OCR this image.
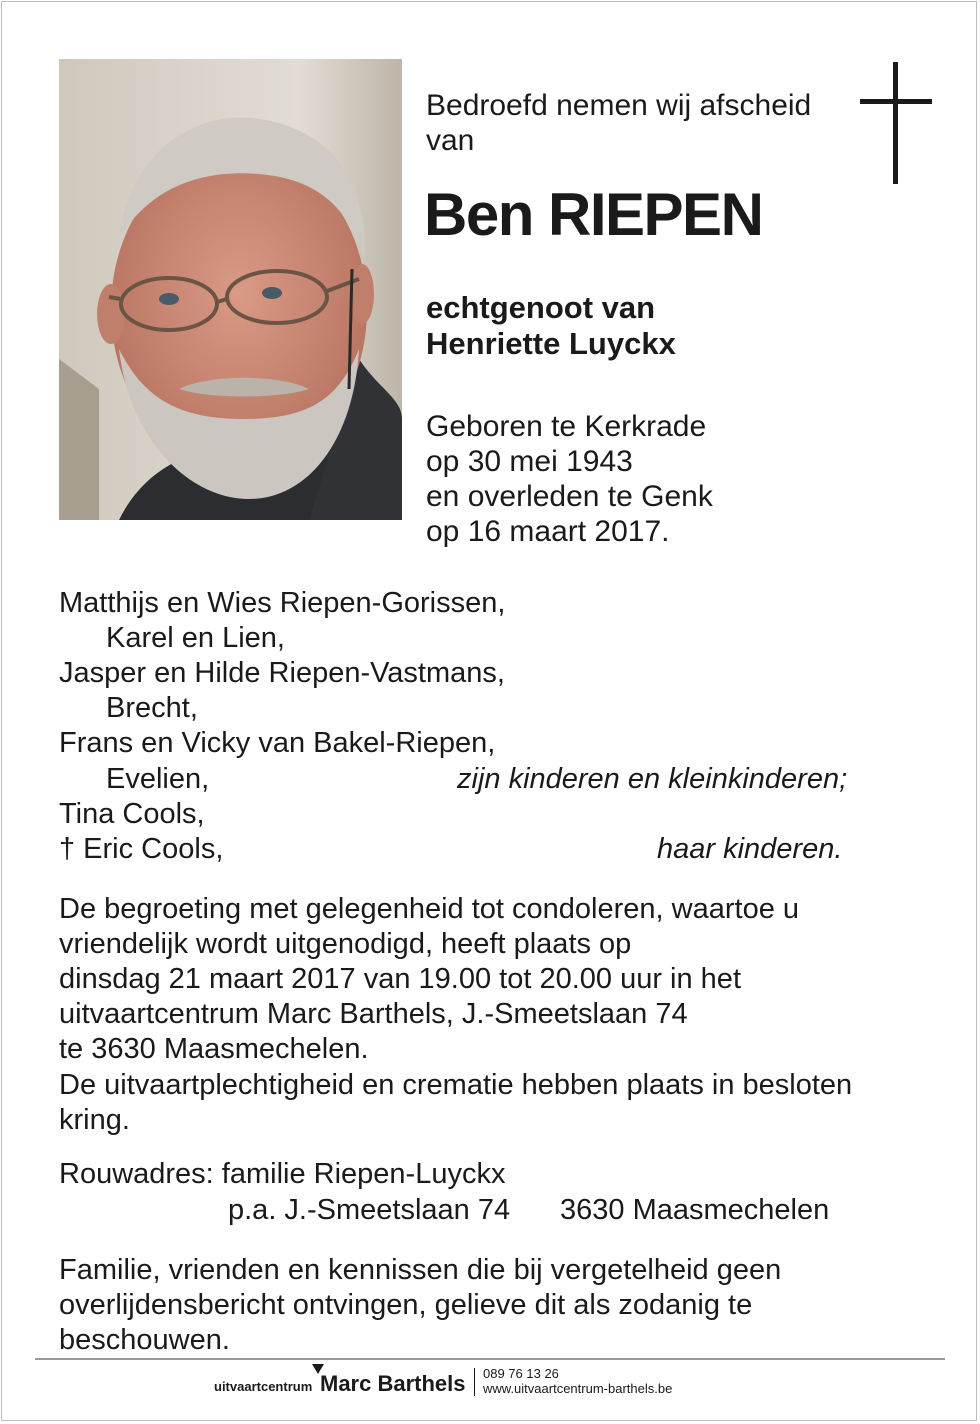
Bedroefd nemen wij afscheid
van
Ben RIEPEN
echtgenoot van
Henriette Luyckx
Geboren te Kerkrade
op 30 mei 1943
en overleden te Genk
op 16 maart 2017.
Matthijs en Wies Riepen-Gorissen,
Karel en Lien,
Jasper en Hilde Riepen-Vastmans,
Brecht,
Frans en Vicky van Bakel-Riepen,
Evelien,	zijn kinderen en kleinkinderen;
Tina Cools,
† Eric Cools,	haar kinderen.
De begroeting met gelegenheid tot condoleren, waartoe u
vriendelijk wordt uitgenodigd, heeft plaats op
dinsdag 21 maart 2017 van 19.00 tot 20.00 uur in het
uitvaartcentrum Marc Barthels, J.-Smeetslaan 74
te 3630 Maasmechelen.
De uitvaartplechtigheid en crematie hebben plaats in besloten
kring.
Rouwadres: familie Riepen-Luyckx
p.a. J.-Smeetslaan 74 3630 Maasmechelen
Familie, vrienden en kennissen die bij vergetelheid geen
overlijdensbericht ontvingen, gelieve dit als zodanig te
beschouwen.
uitvaartcentrum Marc Barthels 089 76 13 26
www.uitvaartcentrum-barthels.be
